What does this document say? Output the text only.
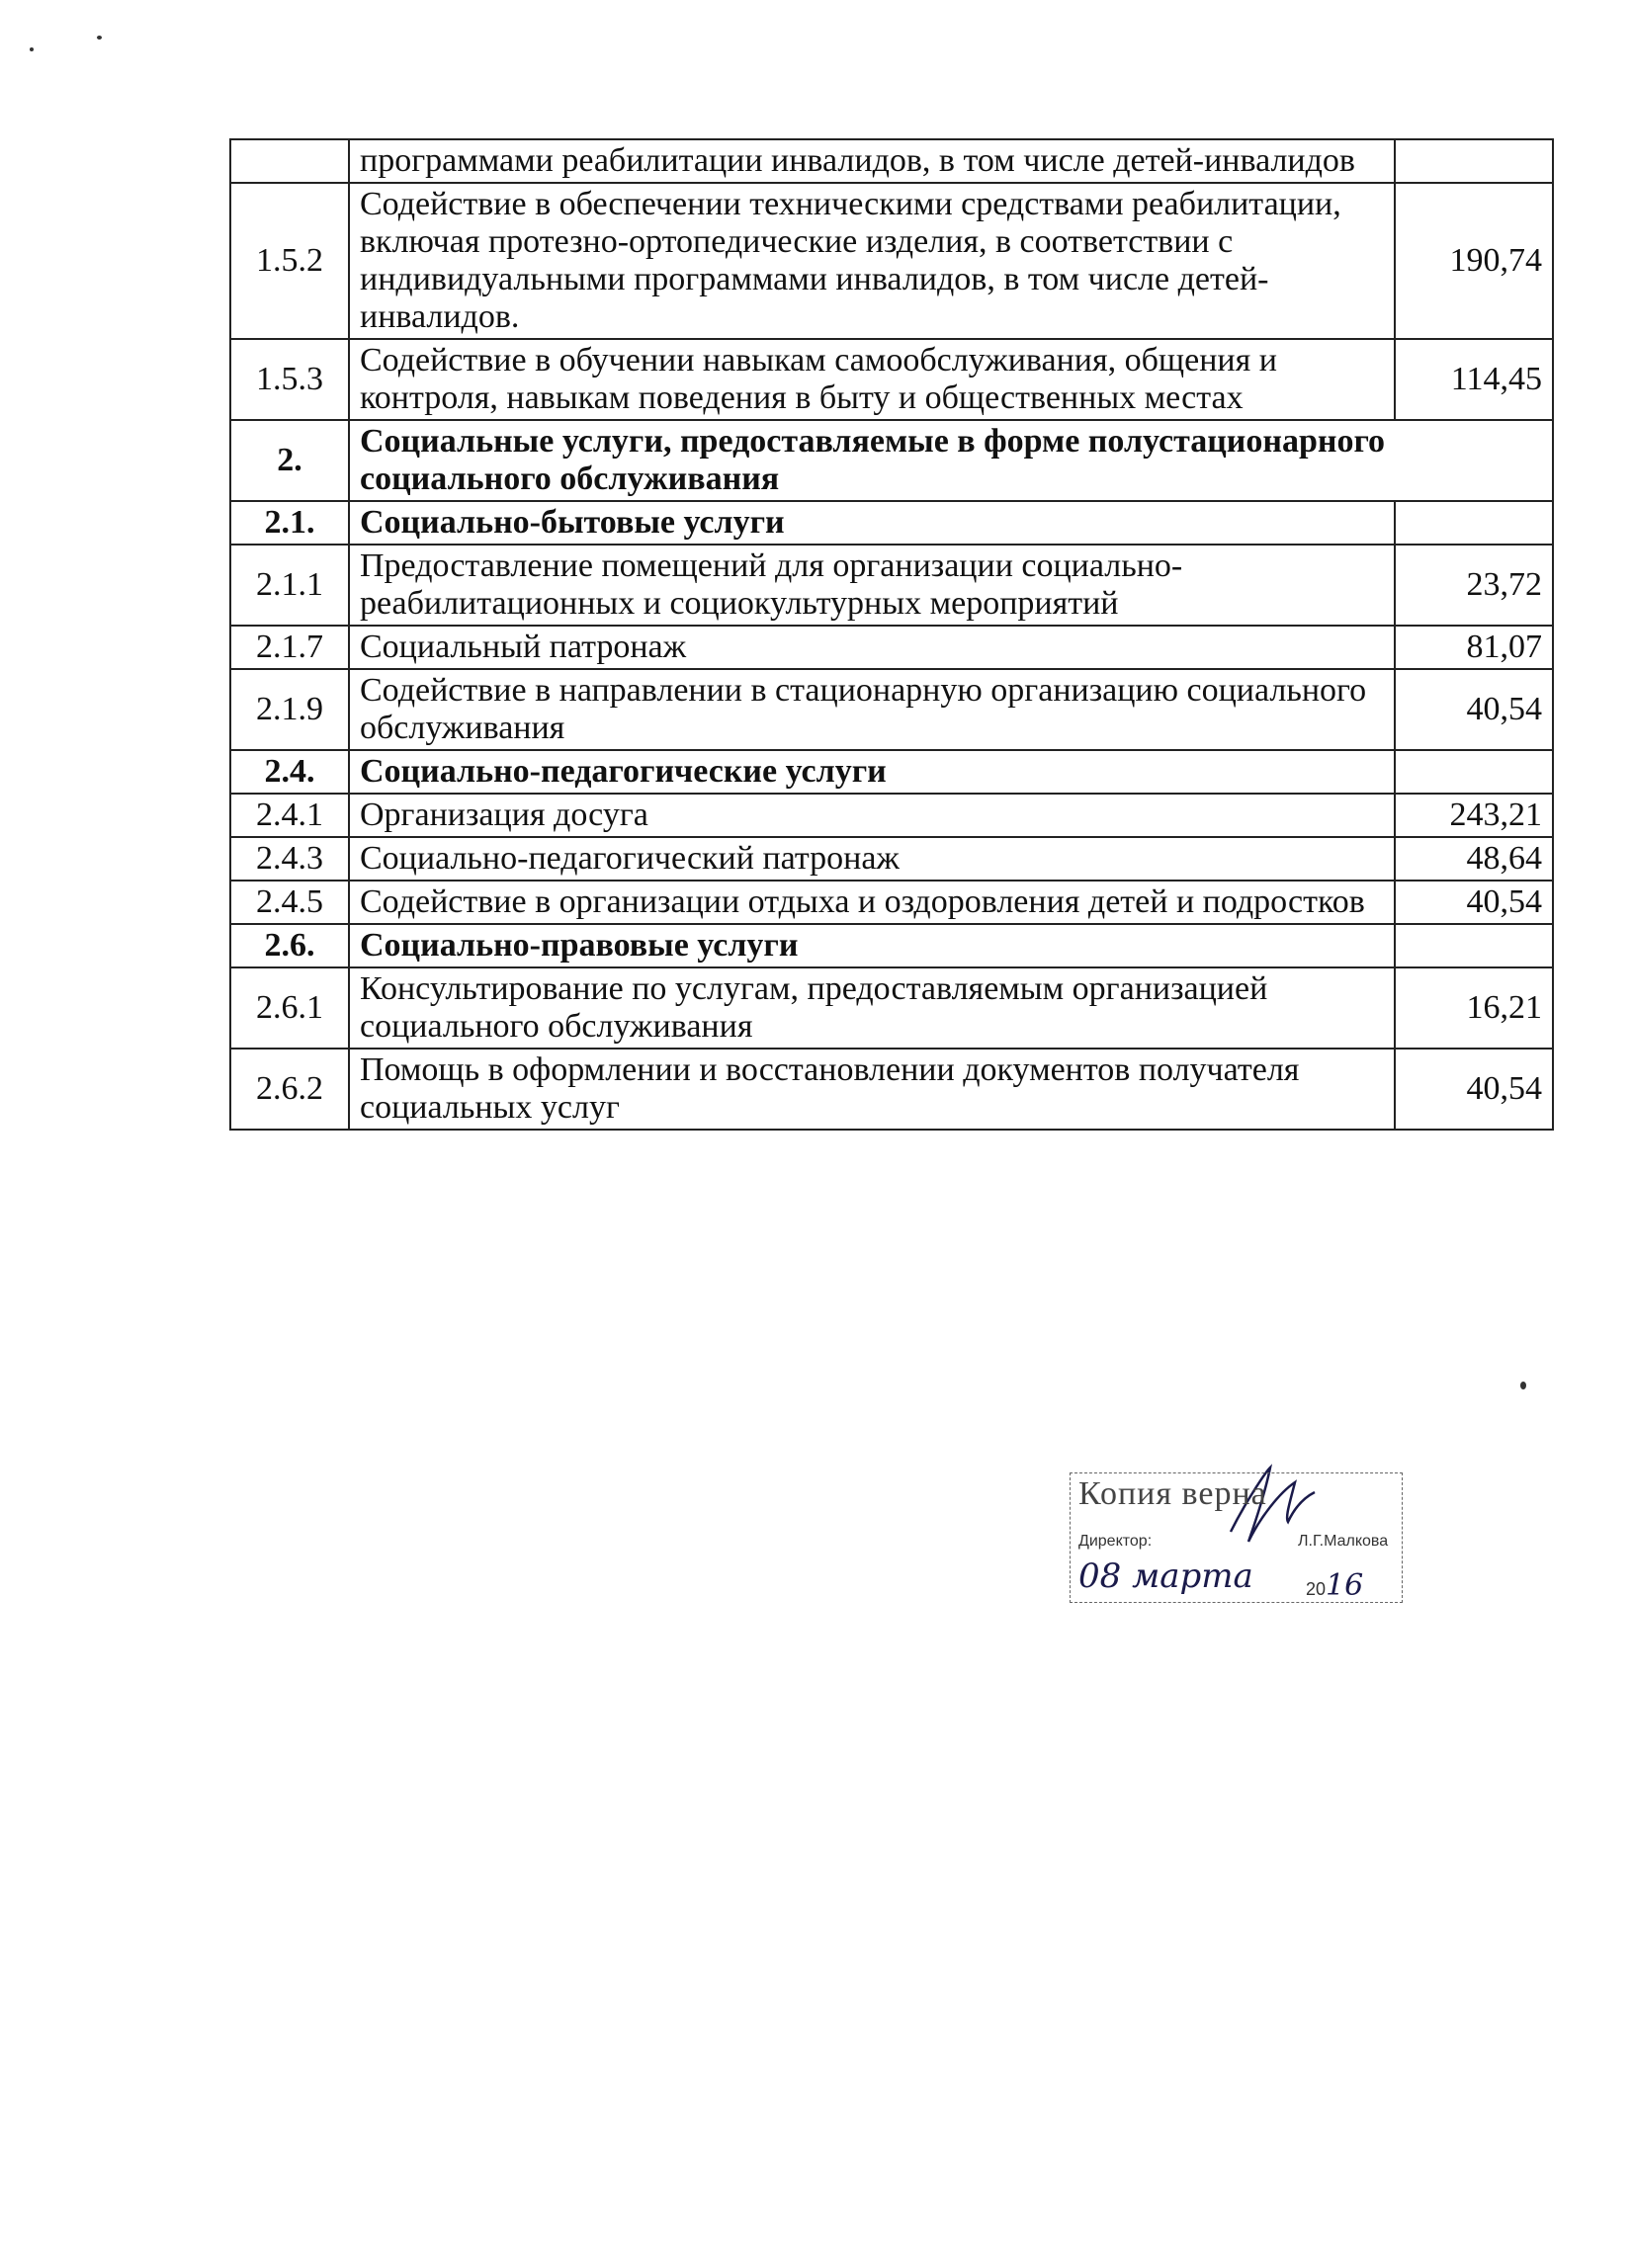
	программами реабилитации инвалидов, в том числе детей-инвалидов	
1.5.2	Содействие в обеспечении техническими средствами реабилитации, включая протезно-ортопедические изделия, в соответствии с индивидуальными программами инвалидов, в том числе детей-инвалидов.	190,74
1.5.3	Содействие в обучении навыкам самообслуживания, общения и контроля, навыкам поведения в быту и общественных местах	114,45
2.	Социальные услуги, предоставляемые в форме полустационарного социального обслуживания	
2.1.	Социально-бытовые услуги	
2.1.1	Предоставление помещений для организации социально-реабилитационных и социокультурных мероприятий	23,72
2.1.7	Социальный патронаж	81,07
2.1.9	Содействие в направлении в стационарную организацию социального обслуживания	40,54
2.4.	Социально-педагогические услуги	
2.4.1	Организация досуга	243,21
2.4.3	Социально-педагогический патронаж	48,64
2.4.5	Содействие в организации отдыха и оздоровления детей и подростков	40,54
2.6.	Социально-правовые услуги	
2.6.1	Консультирование по услугам, предоставляемым организацией социального обслуживания	16,21
2.6.2	Помощь в оформлении и восстановлении документов получателя социальных услуг	40,54
Копия верна
Директор:	Л.Г.Малкова
08 марта	2016
